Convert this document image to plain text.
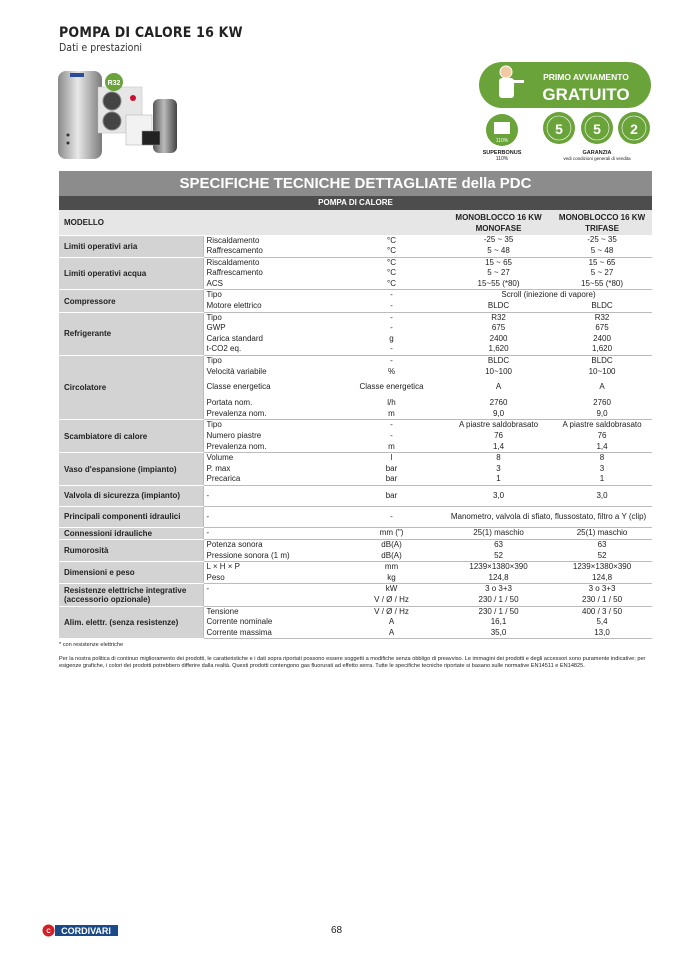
POMPA DI CALORE 16 KW
Dati e prestazioni
R32
PRIMO AVVIAMENTO
GRATUITO
110%
5 5 2
SUPERBONUS
110%
GARANZIA
vedi condizioni generali di vendita
SPECIFICHE TECNICHE DETTAGLIATE della PDC
POMPA DI CALORE
MODELLO			MONOBLOCCO 16 KW MONOFASE	MONOBLOCCO 16 KW TRIFASE
Limiti operativi aria	Riscaldamento	°C	-25 ~ 35	-25 ~ 35
	Raffrescamento	°C	5 ~ 48	5 ~ 48
Limiti operativi acqua	Riscaldamento	°C	15 ~ 65	15 ~ 65
	Raffrescamento	°C	5 ~ 27	5 ~ 27
	ACS	°C	15~55 (*80)	15~55 (*80)
Compressore	Tipo	-	Scroll (iniezione di vapore)	
	Motore elettrico	-	BLDC	BLDC
Refrigerante	Tipo	-	R32	R32
	GWP	-	675	675
	Carica standard	g	2400	2400
	t-CO2 eq.	-	1,620	1,620
Circolatore	Tipo	-	BLDC	BLDC
	Velocità variabile	%	10~100	10~100
	Classe energetica	Classe energetica	A	A
	Portata nom.	l/h	2760	2760
	Prevalenza nom.	m	9,0	9,0
Scambiatore di calore	Tipo	-	A piastre saldobrasato	A piastre saldobrasato
	Numero piastre	-	76	76
	Prevalenza nom.	m	1,4	1,4
Vaso d'espansione (impianto)	Volume	l	8	8
	P. max	bar	3	3
	Precarica	bar	1	1
Valvola di sicurezza (impianto)	-	bar	3,0	3,0
Principali componenti idraulici	-	-	Manometro, valvola di sfiato, flussostato, filtro a Y (clip)	
Connessioni idrauliche	-	mm (")	25(1) maschio	25(1) maschio
Rumorosità	Potenza sonora	dB(A)	63	63
	Pressione sonora (1 m)	dB(A)	52	52
Dimensioni e peso	L × H × P	mm	1239×1380×390	1239×1380×390
	Peso	kg	124,8	124,8
Resistenze elettriche integrative (accessorio opzionale)	-	kW	3 o 3+3	3 o 3+3
		V / Ø / Hz	230 / 1 / 50	230 / 1 / 50
Alim. elettr. (senza resistenze)	Tensione	V / Ø / Hz	230 / 1 / 50	400 / 3 / 50
	Corrente nominale	A	16,1	5,4
	Corrente massima	A	35,0	13,0
* con resistenze elettriche
Per la nostra politica di continuo miglioramento dei prodotti, le caratteristiche e i dati sopra riportati possono essere soggetti a modifiche senza obbligo di preavviso. Le immagini dei prodotti e degli accessori sono puramente indicative; per esigenze grafiche, i colori dei prodotti potrebbero differire dalla realtà. Questi prodotti contengono gas fluorurati ad effetto serra. Tutte le specifiche tecniche riportate si basano sulle normative EN14511 e EN14825.
C CORDIVARI	68
